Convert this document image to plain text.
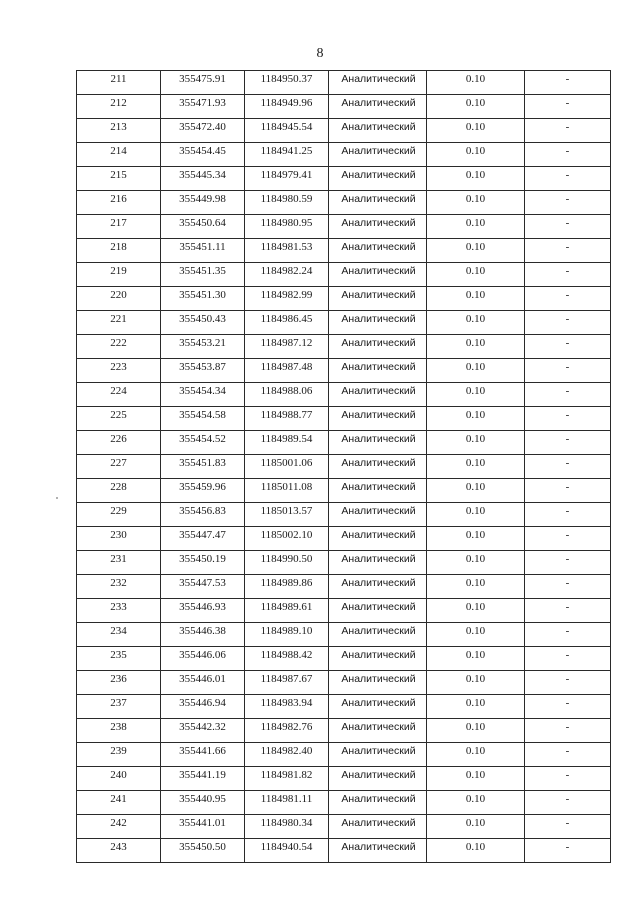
8
211	355475.91	1184950.37	Аналитический	0.10	-
212	355471.93	1184949.96	Аналитический	0.10	-
213	355472.40	1184945.54	Аналитический	0.10	-
214	355454.45	1184941.25	Аналитический	0.10	-
215	355445.34	1184979.41	Аналитический	0.10	-
216	355449.98	1184980.59	Аналитический	0.10	-
217	355450.64	1184980.95	Аналитический	0.10	-
218	355451.11	1184981.53	Аналитический	0.10	-
219	355451.35	1184982.24	Аналитический	0.10	-
220	355451.30	1184982.99	Аналитический	0.10	-
221	355450.43	1184986.45	Аналитический	0.10	-
222	355453.21	1184987.12	Аналитический	0.10	-
223	355453.87	1184987.48	Аналитический	0.10	-
224	355454.34	1184988.06	Аналитический	0.10	-
225	355454.58	1184988.77	Аналитический	0.10	-
226	355454.52	1184989.54	Аналитический	0.10	-
227	355451.83	1185001.06	Аналитический	0.10	-
228	355459.96	1185011.08	Аналитический	0.10	-
229	355456.83	1185013.57	Аналитический	0.10	-
230	355447.47	1185002.10	Аналитический	0.10	-
231	355450.19	1184990.50	Аналитический	0.10	-
232	355447.53	1184989.86	Аналитический	0.10	-
233	355446.93	1184989.61	Аналитический	0.10	-
234	355446.38	1184989.10	Аналитический	0.10	-
235	355446.06	1184988.42	Аналитический	0.10	-
236	355446.01	1184987.67	Аналитический	0.10	-
237	355446.94	1184983.94	Аналитический	0.10	-
238	355442.32	1184982.76	Аналитический	0.10	-
239	355441.66	1184982.40	Аналитический	0.10	-
240	355441.19	1184981.82	Аналитический	0.10	-
241	355440.95	1184981.11	Аналитический	0.10	-
242	355441.01	1184980.34	Аналитический	0.10	-
243	355450.50	1184940.54	Аналитический	0.10	-
